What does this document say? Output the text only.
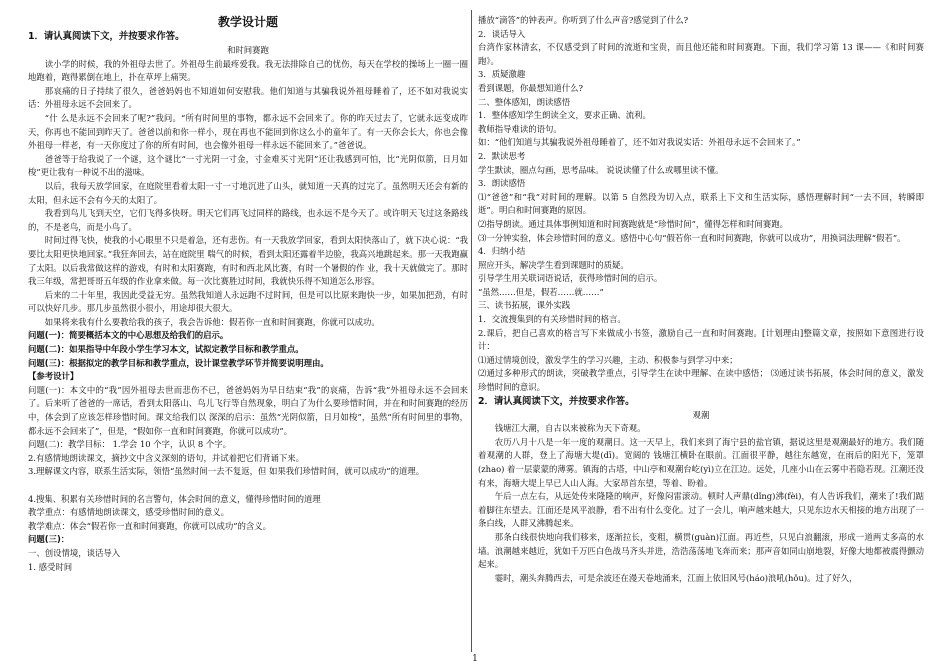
教学设计题

1．请认真阅读下文，并按要求作答。

和时间赛跑

读小学的时候，我的外祖母去世了。外祖母生前最疼爱我。我无法排除自己的忧伤，每天在学校的操场上一圈一圈地跑着，跑得累倒在地上，扑在草坪上痛哭。

那哀痛的日子持续了很久，爸爸妈妈也不知道如何安慰我。他们知道与其骗我说外祖母睡着了，还不如对我说实话：外祖母永远不会回来了。

“什 么是永远不会回来了呢?”我问。“所有时间里的事物，都永远不会回来了。你的昨天过去了，它就永远变成昨天，你再也不能回到昨天了。爸爸以前和你一样小，现在再也不能回到你这么小的童年了。有一天你会长大，你也会像外祖母一样老，有一天你度过了你的所有时间，也会像外祖母一样永远不能回来了。”爸爸说。

爸爸等于给我说了一个谜，这个谜比“一寸光阴一寸金，寸金难买寸光阴”还让我感到可怕，比“光阴似箭，日月如梭”更让我有一种说不出的滋味。

以后，我每天放学回家，在庭院里看着太阳一寸一寸地沉进了山头，就知道一天真的过完了。虽然明天还会有新的太阳，但永远不会有今天的太阳了。

我看到鸟儿飞到天空，它们飞得多快呀。明天它们再飞过同样的路线，也永远不是今天了。或许明天飞过这条路线的，不是老鸟，而是小鸟了。

时间过得飞快，使我的小心眼里不只是着急，还有悲伤。有一天我放学回家，看到太阳快落山了，就下决心说：“我要比太阳更快地回家。”我狂奔回去，站在庭院里 喘气的时候，看到太阳还露着半边脸，我高兴地跳起来。那一天我跑赢了太阳。以后我常做这样的游戏，有时和太阳赛跑，有时和西北风比赛，有时一个暑假的作 业，我十天就做完了。那时我三年级，常把哥哥五年级的作业拿来做。每一次比赛胜过时间，我就快乐得不知道怎么形容。

后来的二十年里，我因此受益无穷。虽然我知道人永远跑不过时间，但是可以比原来跑快一步，如果加把劲，有时可以快好几步。那几步虽然很小很小，用途却很大很大。

如果将来我有什么要教给我的孩子，我会告诉他：假若你一直和时间赛跑，你就可以成功。

问题(一)：简要概括本文的中心思想及给我们的启示。

问题(二)：如果指导中年段小学生学习本文，试拟定教学目标和教学重点。

问题(三)：根据拟定的教学目标和教学重点，设计课堂教学环节并简要说明理由。

【参考设计】

问题(一)：本文中的“我”因外祖母去世而悲伤不已，爸爸妈妈为早日结束“我”的哀痛，告诉“我”外祖母永远不会回来 了。后来听了爸爸的一席话，看到太阳落山、鸟儿飞行等自然现象，明白了为什么要珍惜时间，并在和时间赛跑的经历中，体会到了应该怎样珍惜时间。课文给我们以 深深的启示：虽然“光阴似箭，日月如梭”，虽然“所有时间里的事物，都永远不会回来了”，但是，“假如你一直和时间赛跑，你就可以成功”。

问题(二)：教学目标： 1.学会 10 个字，认识 8 个字。

2.有感情地朗读课文，摘抄文中含义深刻的语句，并试着把它们背诵下来。

3.理解课文内容，联系生活实际，领悟“虽然时间一去不复返，但 如果我们珍惜时间，就可以成功”的道理。

4.搜集、积累有关珍惜时间的名言警句，体会时间的意义，懂得珍惜时间的道理

教学重点：有感情地朗读课文，感受珍惜时间的意义。

教学难点：体会“假若你一直和时间赛跑，你就可以成功”的含义。

问题(三)：

一、创设情境，谈话导入

1. 感受时间

播放“滴答”的钟表声。你听到了什么声音?感觉到了什么?

2．谈话导入

台湾作家林清玄，不仅感受到了时间的流逝和宝贵，而且他还能和时间赛跑。下面，我们学习第 13 课——《和时间赛跑》。

3．质疑激趣

看到课题，你最想知道什么?

二、整体感知，朗读感悟

1．整体感知学生朗读全文，要求正确、流利。

教师指导难读的语句。

如：“他们知道与其骗我说外祖母睡着了，还不如对我说实话：外祖母永远不会回来了。”

2．默读思考

学生默读，圈点勾画，思考品味。 说说读懂了什么或哪里读不懂。

3．朗读感悟

⑴“爸爸”和“我”对时间的理解。以第 5 自然段为切入点，联系上下文和生活实际，感悟理解时间“一去不回，转瞬即逝”。明白和时间赛跑的原因。

⑵指导朗读。通过具体事例知道和时间赛跑就是“珍惜时间”，懂得怎样和时间赛跑。

⑶一分钟实验，体会珍惜时间的意义。感悟中心句“假若你一直和时间赛跑，你就可以成功”，用换词法理解“假若”。

4．归纳小结

照应开头，解决学生看到课题时的质疑。

引导学生用关联词语说话，获得珍惜时间的启示。

“虽然……但是，假若……就……”

三、读书拓展，课外实践

1．交流搜集到的有关珍惜时间的格言。

2.课后，把自己喜欢的格言写下来做成小书签，激励自己一直和时间赛跑。[计划理由]整篇文章，按照如下意图进行设计：

⑴通过情境创设，激发学生的学习兴趣，主动、积极参与到学习中来；

⑵通过多种形式的朗读，突破教学重点，引导学生在读中理解、在读中感悟； ⑶通过读书拓展，体会时间的意义，激发珍惜时间的意识。

2．请认真阅读下文，并按要求作答。

观潮

钱塘江大潮，自古以来被称为天下奇观。

农历八月十八是一年一度的观潮日。这一天早上，我们来到了海宁县的盐官镇，据说这里是观潮最好的地方。我们随着观潮的人群，登上了海塘大堤(dī)。宽阔的 钱塘江横卧在眼前。江面很平静，越往东越宽，在雨后的阳光下，笼罩(zhao) 着一层蒙蒙的薄雾。镇海的古塔，中山亭和观潮台屹(yì)立在江边。远处，几座小山在云雾中若隐若现。江潮还没有来，海塘大堤上早已人山人海。大家昂首东望，等着、盼着。

午后一点左右，从远处传来隆隆的响声，好像闷雷滚动。顿时人声鼎(dǐng)沸(fèi)，有人告诉我们，潮来了!我们踮着脚往东望去。江面还是风平浪静，看不出有什么变化。过了一会儿，响声越来越大，只见东边水天相接的地方出现了一条白线，人群又沸腾起来。

那条白线很快地向我们移来，逐渐拉长，变粗，横贯(guàn)江面。再近些，只见白浪翻滚，形成一道两丈多高的水墙。浪潮越来越近，犹如千万匹白色战马齐头并进，浩浩荡荡地飞奔而来；那声音如同山崩地裂，好像大地都被震得颤动起来。

霎时，潮头奔腾西去，可是余波还在漫天卷地涌来，江面上依旧风号(háo)浪吼(hǒu)。过了好久，

1
